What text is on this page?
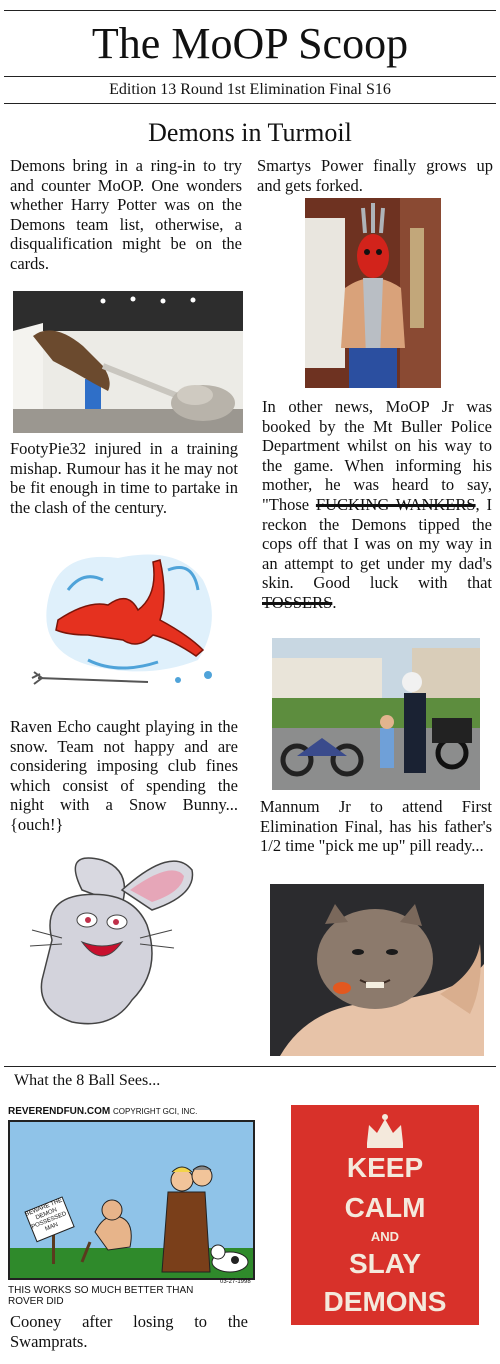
The MoOP Scoop
Edition 13 Round 1st Elimination Final S16
Demons in Turmoil
Demons bring in a ring-in to try and counter MoOP. One wonders whether Harry Potter was on the Demons team list, otherwise, a disqualification might be on the cards.
FootyPie32 injured in a training mishap. Rumour has it he may not be fit enough in time to partake in the clash of the century.
Raven Echo caught playing in the snow. Team not happy and are considering imposing club fines which consist of spending the night with a Snow Bunny... {ouch!}
Smartys Power finally grows up and gets forked.
In other news, MoOP Jr was booked by the Mt Buller Police Department whilst on his way to the game. When informing his mother, he was heard to say, "Those FUCKING WANKERS, I reckon the Demons tipped the cops off that I was on my way in an attempt to get under my dad's skin. Good luck with that TOSSERS.
Mannum Jr to attend First Elimination Final, has his father's 1/2 time "pick me up" pill ready...
What the 8 Ball Sees...
REVERENDFUN.COM COPYRIGHT GCI, INC.
BEWARE THE DEMON POSSESSED MAN
03-27-1998
THIS WORKS SO MUCH BETTER THAN ROVER DID
Cooney after losing to the Swamprats.
KEEP
CALM
AND
SLAY
DEMONS
